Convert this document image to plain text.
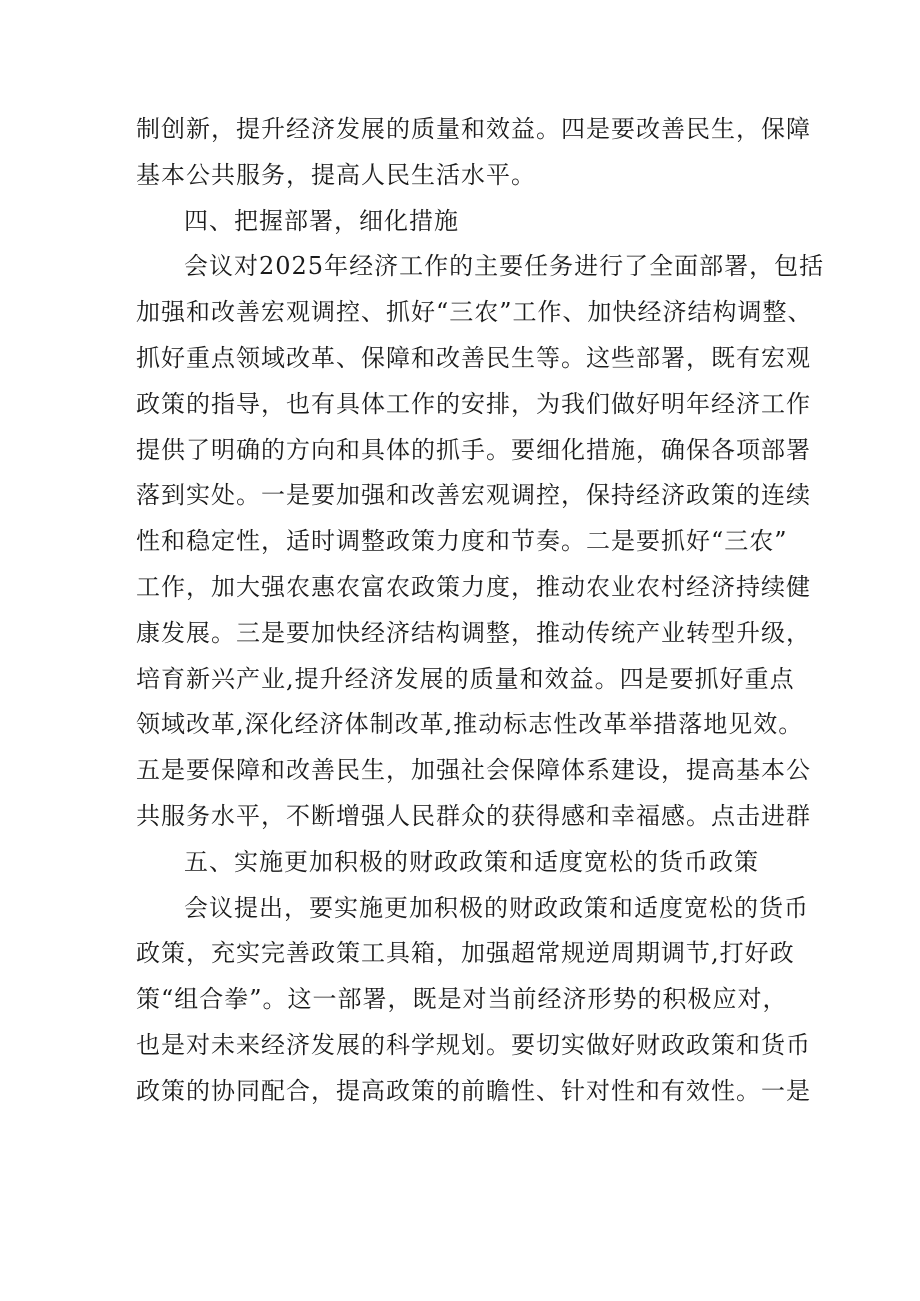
制创新，提升经济发展的质量和效益。四是要改善民生，保障
基本公共服务，提高人民生活水平。
四、把握部署，细化措施
会议对2025年经济工作的主要任务进行了全面部署，包括
加强和改善宏观调控、抓好“三农”工作、加快经济结构调整、
抓好重点领域改革、保障和改善民生等。这些部署，既有宏观
政策的指导，也有具体工作的安排，为我们做好明年经济工作
提供了明确的方向和具体的抓手。要细化措施，确保各项部署
落到实处。一是要加强和改善宏观调控，保持经济政策的连续
性和稳定性，适时调整政策力度和节奏。二是要抓好“三农”
工作，加大强农惠农富农政策力度，推动农业农村经济持续健
康发展。三是要加快经济结构调整，推动传统产业转型升级，
培育新兴产业,提升经济发展的质量和效益。四是要抓好重点
领域改革,深化经济体制改革,推动标志性改革举措落地见效。
五是要保障和改善民生，加强社会保障体系建设，提高基本公
共服务水平，不断增强人民群众的获得感和幸福感。点击进群
五、实施更加积极的财政政策和适度宽松的货币政策
会议提出，要实施更加积极的财政政策和适度宽松的货币
政策，充实完善政策工具箱，加强超常规逆周期调节,打好政
策“组合拳”。这一部署，既是对当前经济形势的积极应对，
也是对未来经济发展的科学规划。要切实做好财政政策和货币
政策的协同配合，提高政策的前瞻性、针对性和有效性。一是
